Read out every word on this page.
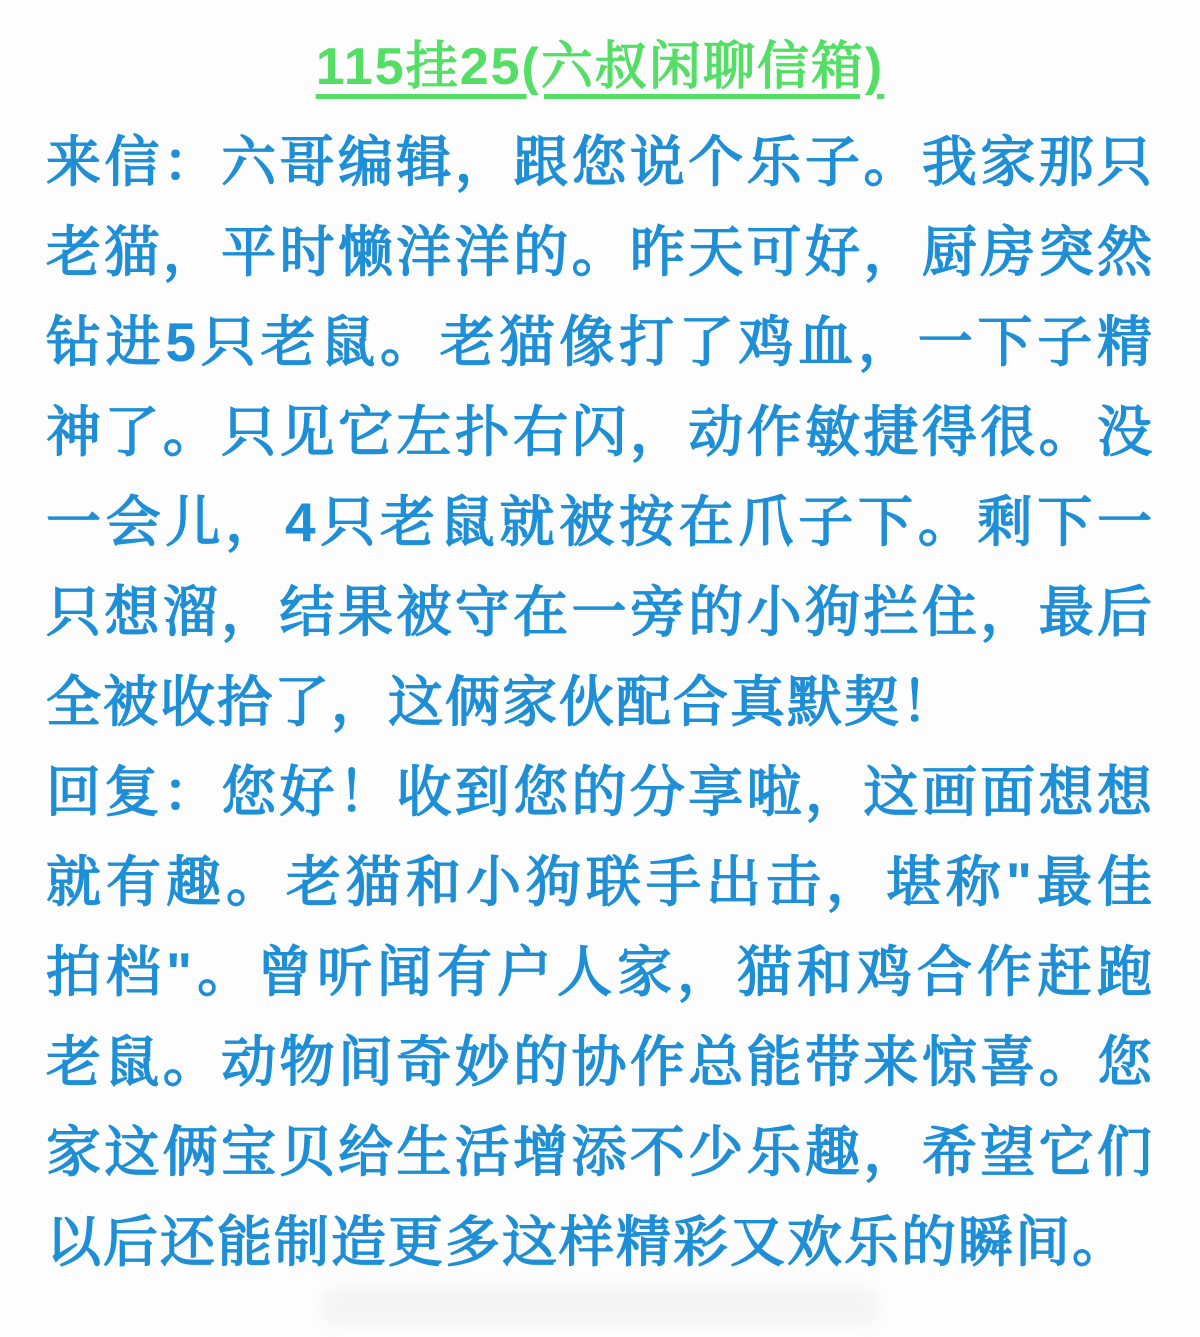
115挂25(六叔闲聊信箱)

来信：六哥编辑，跟您说个乐子。我家那只老猫，平时懒洋洋的。昨天可好，厨房突然钻进5只老鼠。老猫像打了鸡血，一下子精神了。只见它左扑右闪，动作敏捷得很。没一会儿，4只老鼠就被按在爪子下。剩下一只想溜，结果被守在一旁的小狗拦住，最后全被收拾了，这俩家伙配合真默契！

回复：您好！收到您的分享啦，这画面想想就有趣。老猫和小狗联手出击，堪称"最佳拍档"。曾听闻有户人家，猫和鸡合作赶跑老鼠。动物间奇妙的协作总能带来惊喜。您家这俩宝贝给生活增添不少乐趣，希望它们以后还能制造更多这样精彩又欢乐的瞬间。
